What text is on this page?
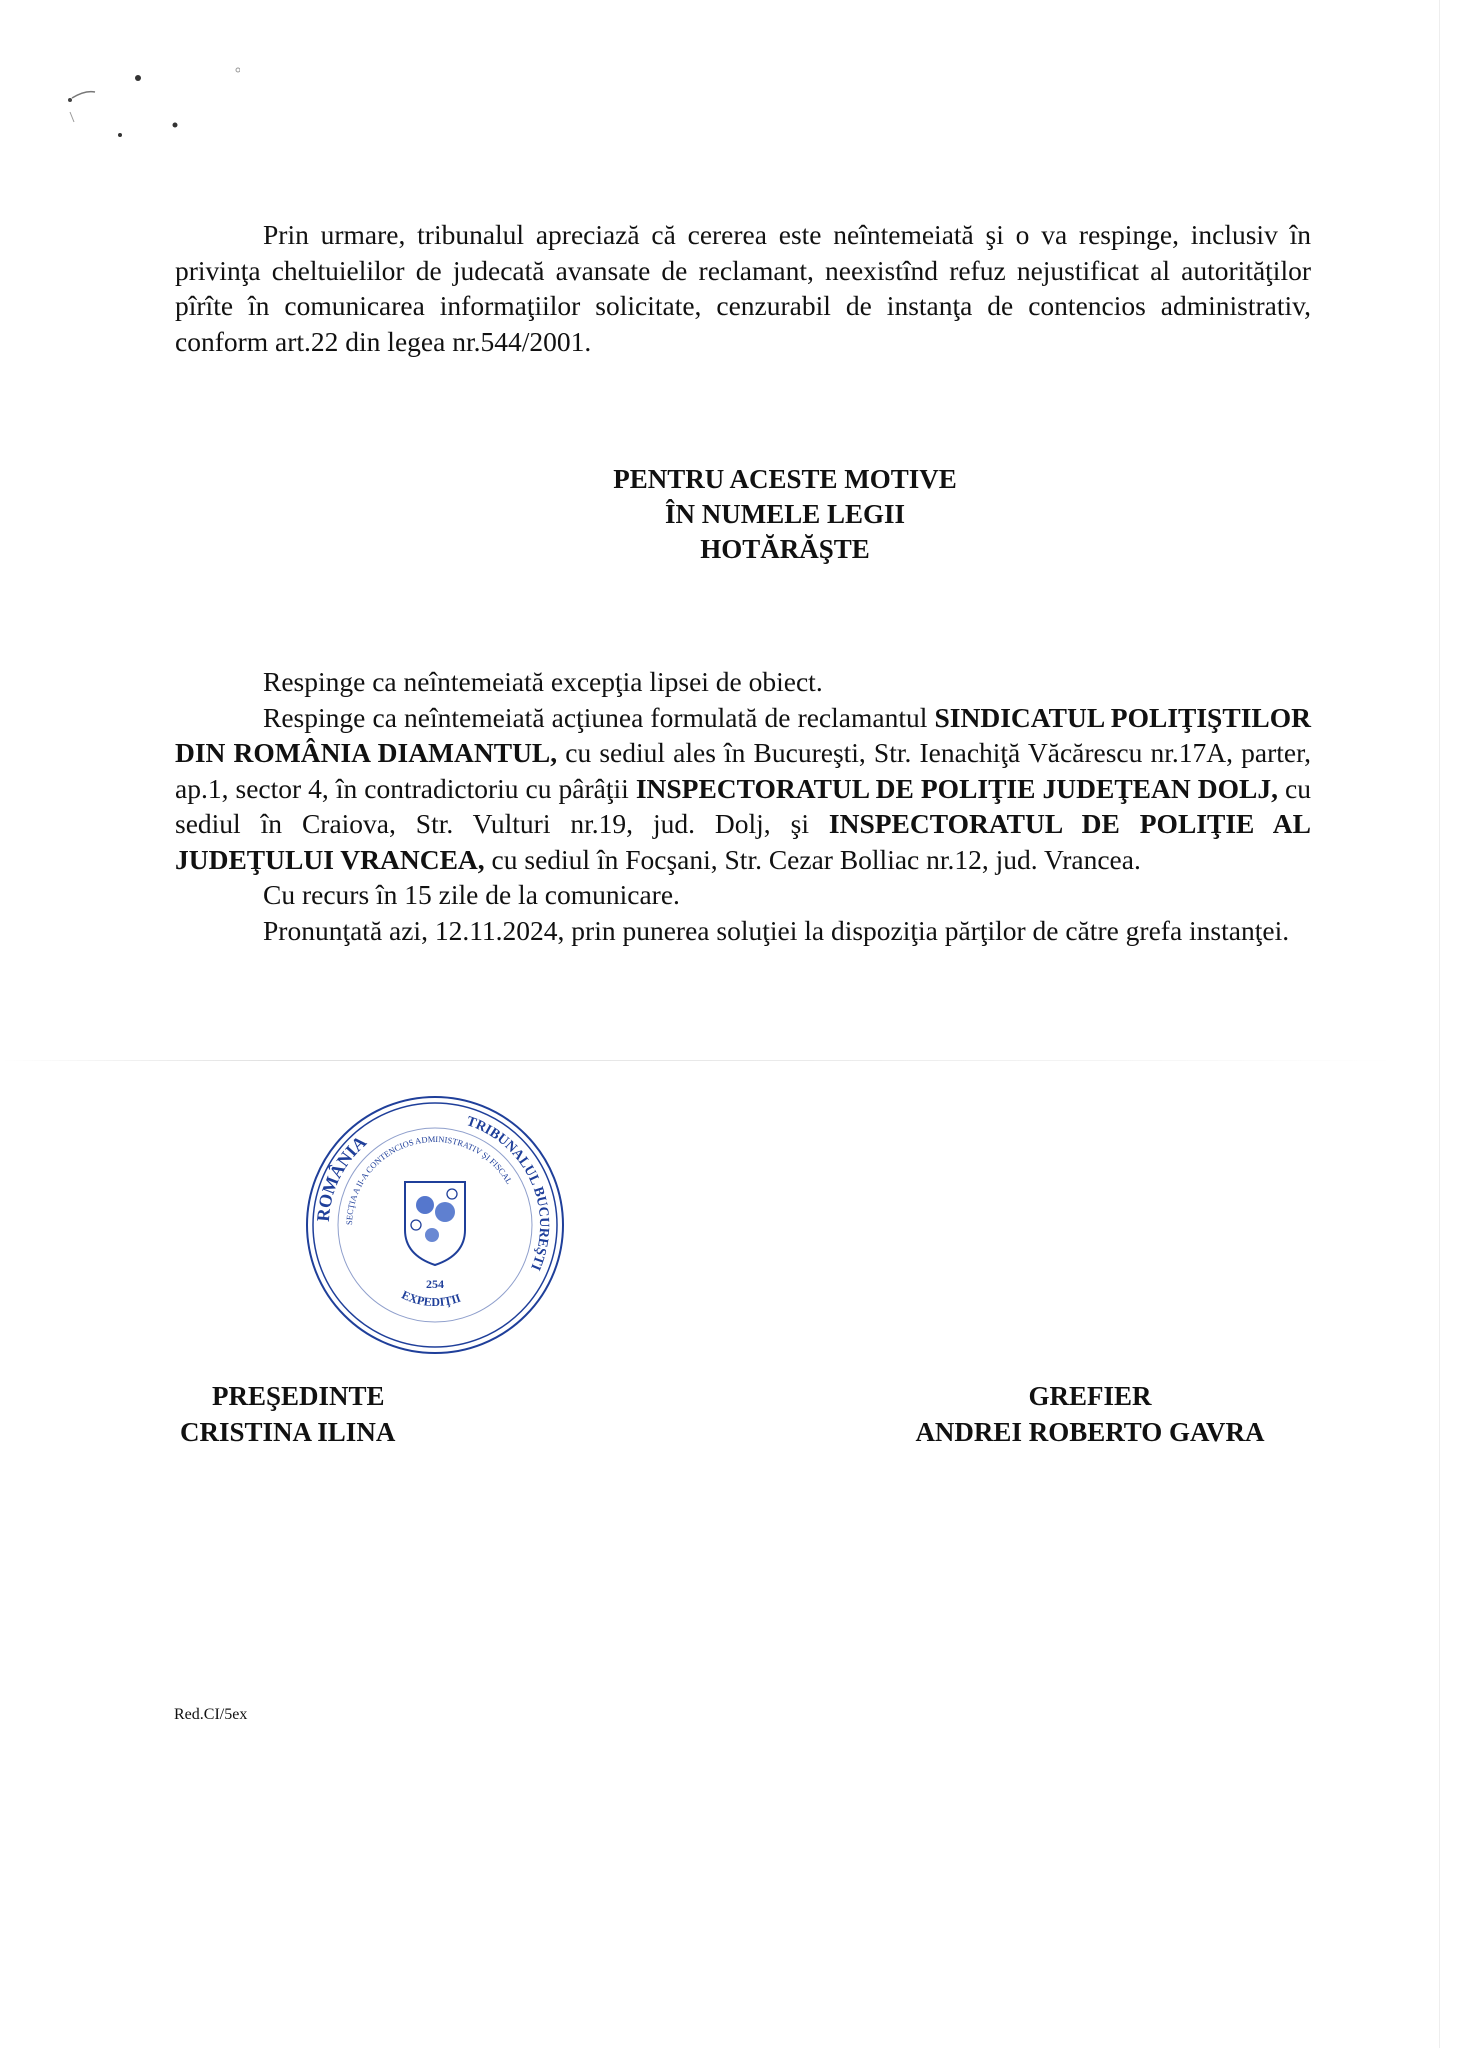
Prin urmare, tribunalul apreciază că cererea este neîntemeiată şi o va respinge, inclusiv în privinţa cheltuielilor de judecată avansate de reclamant, neexistînd refuz nejustificat al autorităţilor pîrîte în comunicarea informaţiilor solicitate, cenzurabil de instanţa de contencios administrativ, conform art.22 din legea nr.544/2001.

PENTRU ACESTE MOTIVE
ÎN NUMELE LEGII
HOTĂRĂŞTE

Respinge ca neîntemeiată excepţia lipsei de obiect.

Respinge ca neîntemeiată acţiunea formulată de reclamantul SINDICATUL POLIŢIŞTILOR DIN ROMÂNIA DIAMANTUL, cu sediul ales în Bucureşti, Str. Ienachiţă Văcărescu nr.17A, parter, ap.1, sector 4, în contradictoriu cu pârâţii INSPECTORATUL DE POLIŢIE JUDEŢEAN DOLJ, cu sediul în Craiova, Str. Vulturi nr.19, jud. Dolj, şi INSPECTORATUL DE POLIŢIE AL JUDEŢULUI VRANCEA, cu sediul în Focşani, Str. Cezar Bolliac nr.12, jud. Vrancea.

Cu recurs în 15 zile de la comunicare.

Pronunţată azi, 12.11.2024, prin punerea soluţiei la dispoziţia părţilor de către grefa instanţei.

ROMÂNIA
TRIBUNALUL BUCUREŞTI
SECŢIA A II-A CONTENCIOS ADMINISTRATIV ŞI FISCAL
EXPEDIŢII
254
PREŞEDINTE
CRISTINA ILINA
GREFIER
ANDREI ROBERTO GAVRA
Red.CI/5ex
